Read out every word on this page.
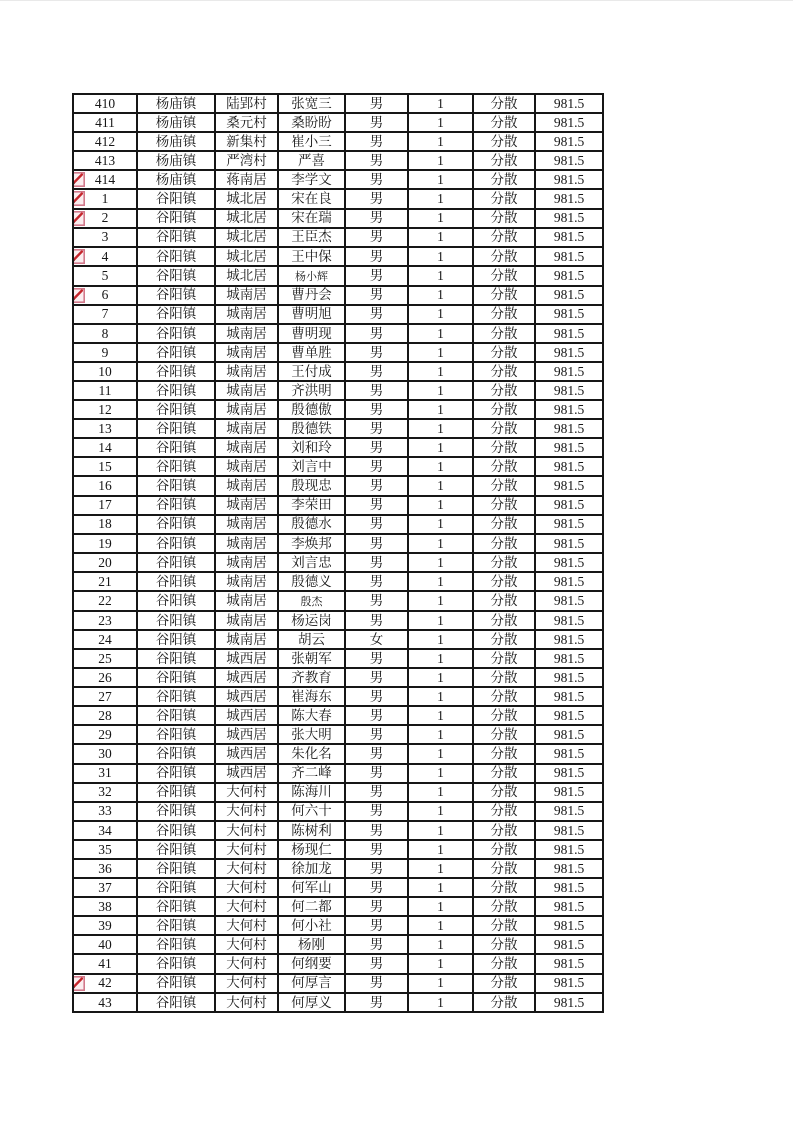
410	杨庙镇	陆郢村	张宽三	男	1	分散	981.5
411	杨庙镇	桑元村	桑盼盼	男	1	分散	981.5
412	杨庙镇	新集村	崔小三	男	1	分散	981.5
413	杨庙镇	严湾村	严喜	男	1	分散	981.5

414	杨庙镇	蒋南居	李学文	男	1	分散	981.5

1	谷阳镇	城北居	宋在良	男	1	分散	981.5

2	谷阳镇	城北居	宋在瑞	男	1	分散	981.5
3	谷阳镇	城北居	王臣杰	男	1	分散	981.5

4	谷阳镇	城北居	王中保	男	1	分散	981.5
5	谷阳镇	城北居	杨小辉	男	1	分散	981.5

6	谷阳镇	城南居	曹丹会	男	1	分散	981.5
7	谷阳镇	城南居	曹明旭	男	1	分散	981.5
8	谷阳镇	城南居	曹明现	男	1	分散	981.5
9	谷阳镇	城南居	曹单胜	男	1	分散	981.5
10	谷阳镇	城南居	王付成	男	1	分散	981.5
11	谷阳镇	城南居	齐洪明	男	1	分散	981.5
12	谷阳镇	城南居	殷德傲	男	1	分散	981.5
13	谷阳镇	城南居	殷德铁	男	1	分散	981.5
14	谷阳镇	城南居	刘和玲	男	1	分散	981.5
15	谷阳镇	城南居	刘言中	男	1	分散	981.5
16	谷阳镇	城南居	殷现忠	男	1	分散	981.5
17	谷阳镇	城南居	李荣田	男	1	分散	981.5
18	谷阳镇	城南居	殷德水	男	1	分散	981.5
19	谷阳镇	城南居	李焕邦	男	1	分散	981.5
20	谷阳镇	城南居	刘言忠	男	1	分散	981.5
21	谷阳镇	城南居	殷德义	男	1	分散	981.5
22	谷阳镇	城南居	殷杰	男	1	分散	981.5
23	谷阳镇	城南居	杨运岗	男	1	分散	981.5
24	谷阳镇	城南居	胡云	女	1	分散	981.5
25	谷阳镇	城西居	张朝军	男	1	分散	981.5
26	谷阳镇	城西居	齐教育	男	1	分散	981.5
27	谷阳镇	城西居	崔海东	男	1	分散	981.5
28	谷阳镇	城西居	陈大春	男	1	分散	981.5
29	谷阳镇	城西居	张大明	男	1	分散	981.5
30	谷阳镇	城西居	朱化名	男	1	分散	981.5
31	谷阳镇	城西居	齐二峰	男	1	分散	981.5
32	谷阳镇	大何村	陈海川	男	1	分散	981.5
33	谷阳镇	大何村	何六十	男	1	分散	981.5
34	谷阳镇	大何村	陈树利	男	1	分散	981.5
35	谷阳镇	大何村	杨现仁	男	1	分散	981.5
36	谷阳镇	大何村	徐加龙	男	1	分散	981.5
37	谷阳镇	大何村	何军山	男	1	分散	981.5
38	谷阳镇	大何村	何二都	男	1	分散	981.5
39	谷阳镇	大何村	何小社	男	1	分散	981.5
40	谷阳镇	大何村	杨刚	男	1	分散	981.5
41	谷阳镇	大何村	何纲要	男	1	分散	981.5

42	谷阳镇	大何村	何厚言	男	1	分散	981.5
43	谷阳镇	大何村	何厚义	男	1	分散	981.5
